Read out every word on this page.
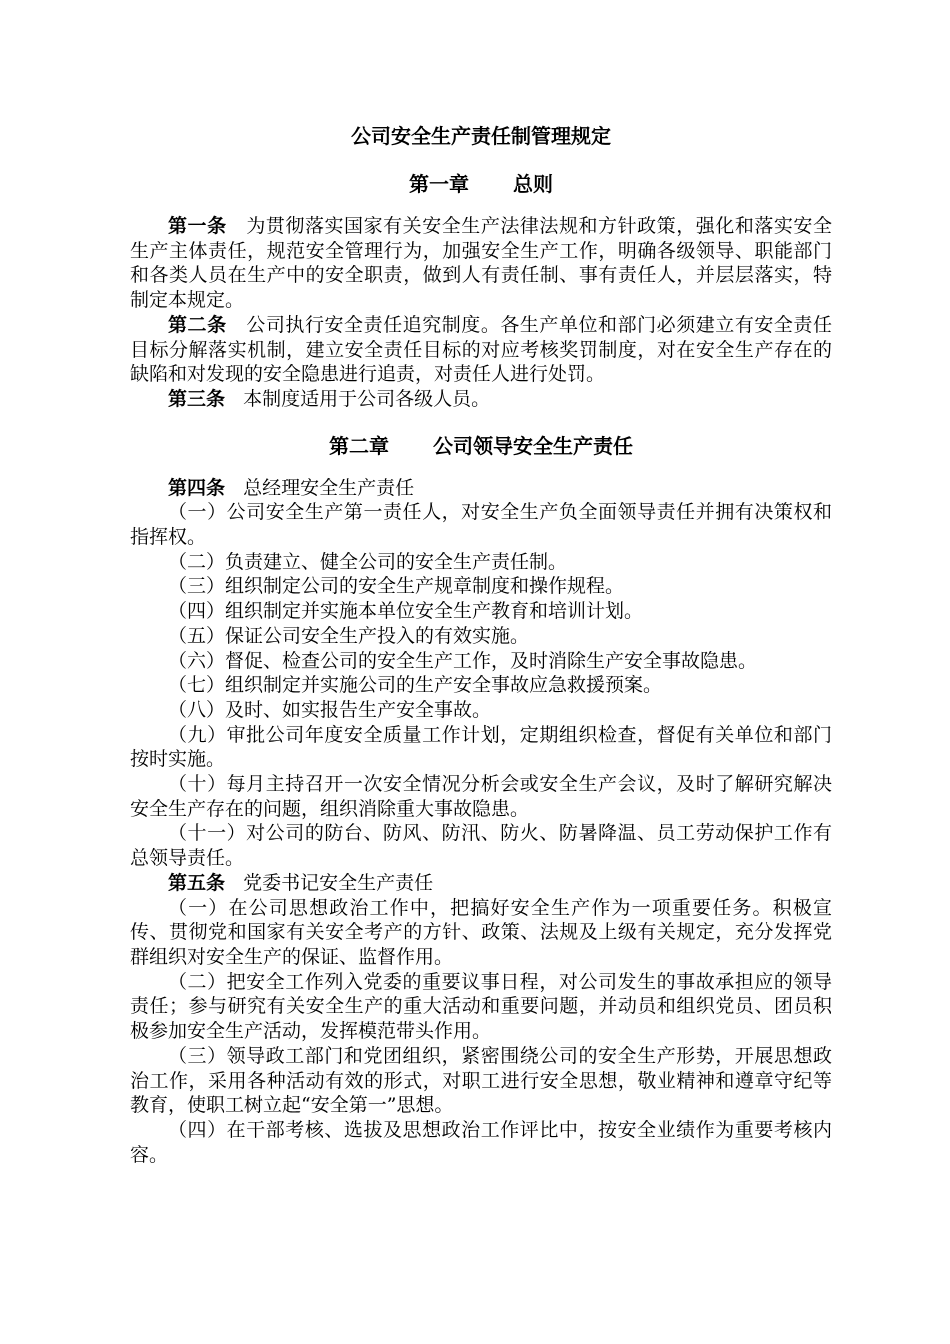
公司安全生产责任制管理规定
第一章 总则

第一条 为贯彻落实国家有关安全生产法律法规和方针政策，强化和落实安全生产主体责任，规范安全管理行为，加强安全生产工作，明确各级领导、职能部门和各类人员在生产中的安全职责，做到人有责任制、事有责任人，并层层落实，特制定本规定。

第二条 公司执行安全责任追究制度。各生产单位和部门必须建立有安全责任目标分解落实机制，建立安全责任目标的对应考核奖罚制度，对在安全生产存在的缺陷和对发现的安全隐患进行追责，对责任人进行处罚。

第三条 本制度适用于公司各级人员。

第二章 公司领导安全生产责任

第四条 总经理安全生产责任

（一）公司安全生产第一责任人，对安全生产负全面领导责任并拥有决策权和指挥权。

（二）负责建立、健全公司的安全生产责任制。

（三）组织制定公司的安全生产规章制度和操作规程。

（四）组织制定并实施本单位安全生产教育和培训计划。

（五）保证公司安全生产投入的有效实施。

（六）督促、检查公司的安全生产工作，及时消除生产安全事故隐患。

（七）组织制定并实施公司的生产安全事故应急救援预案。

（八）及时、如实报告生产安全事故。

（九）审批公司年度安全质量工作计划，定期组织检查，督促有关单位和部门按时实施。

（十）每月主持召开一次安全情况分析会或安全生产会议，及时了解研究解决安全生产存在的问题，组织消除重大事故隐患。

（十一）对公司的防台、防风、防汛、防火、防暑降温、员工劳动保护工作有总领导责任。

第五条 党委书记安全生产责任

（一）在公司思想政治工作中，把搞好安全生产作为一项重要任务。积极宣传、贯彻党和国家有关安全考产的方针、政策、法规及上级有关规定，充分发挥党群组织对安全生产的保证、监督作用。

（二）把安全工作列入党委的重要议事日程，对公司发生的事故承担应的领导责任；参与研究有关安全生产的重大活动和重要问题，并动员和组织党员、团员积极参加安全生产活动，发挥模范带头作用。

（三）领导政工部门和党团组织，紧密围绕公司的安全生产形势，开展思想政治工作，采用各种活动有效的形式，对职工进行安全思想，敬业精神和遵章守纪等教育，使职工树立起“安全第一”思想。

（四）在干部考核、选拔及思想政治工作评比中，按安全业绩作为重要考核内容。
